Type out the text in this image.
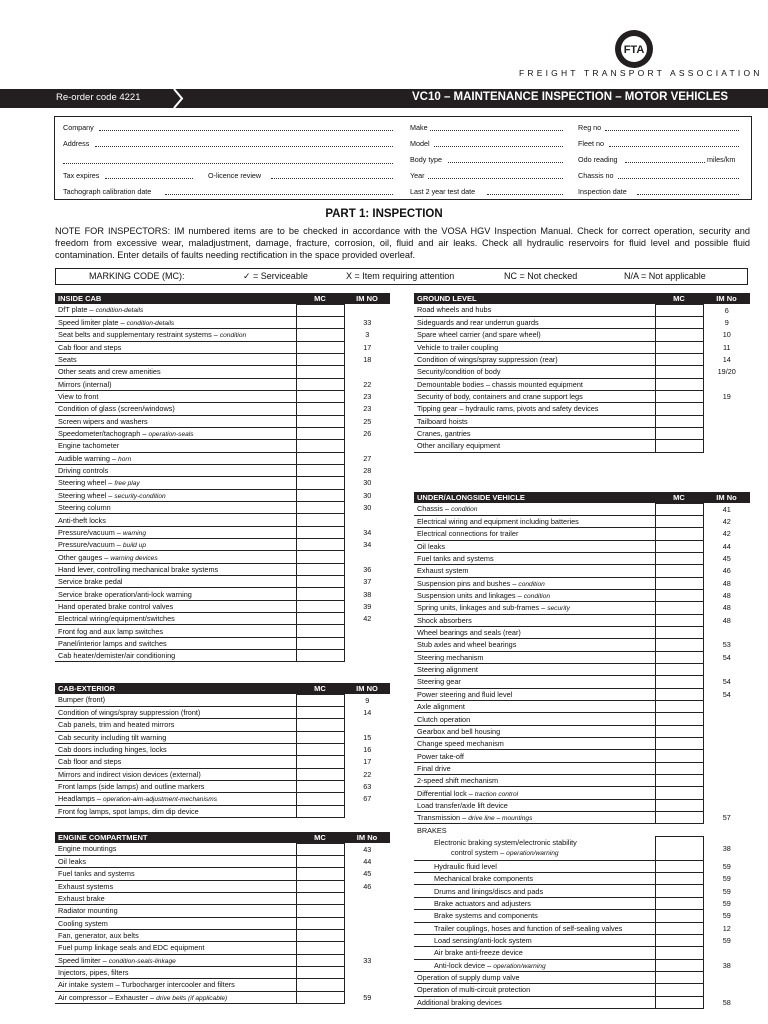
FTA
FREIGHT TRANSPORT ASSOCIATION
Re-order code 4221	VC10 – MAINTENANCE INSPECTION – MOTOR VEHICLES
Company
Address
Tax expires	O-licence review
Tachograph calibration date
Make
Model
Body type
Year
Last 2 year test date
Reg no
Fleet no
Odo reading	miles/km
Chassis no
Inspection date
PART 1: INSPECTION
NOTE FOR INSPECTORS: IM numbered items are to be checked in accordance with the VOSA HGV Inspection Manual. Check for correct operation, security and freedom from excessive wear, maladjustment, damage, fracture, corrosion, oil, fluid and air leaks. Check all hydraulic reservoirs for fluid level and possible fluid contamination. Enter details of faults needing rectification in the space provided overleaf.
MARKING CODE (MC):	✓ = Serviceable	X = Item requiring attention	NC = Not checked	N/A = Not applicable
INSIDE CAB	MC	IM NO
DfT plate – condition-details		
Speed limiter plate – condition-details		33
Seat belts and supplementary restraint systems – condition		3
Cab floor and steps		17
Seats		18
Other seats and crew amenities		
Mirrors (internal)		22
View to front		23
Condition of glass (screen/windows)		23
Screen wipers and washers		25
Speedometer/tachograph – operation-seals		26
Engine tachometer		
Audible warning – horn		27
Driving controls		28
Steering wheel – free play		30
Steering wheel – security-condition		30
Steering column		30
Anti-theft locks		
Pressure/vacuum – warning		34
Pressure/vacuum – build up		34
Other gauges – warning devices		
Hand lever, controlling mechanical brake systems		36
Service brake pedal		37
Service brake operation/anti-lock warning		38
Hand operated brake control valves		39
Electrical wiring/equipment/switches		42
Front fog and aux lamp switches		
Panel/interior lamps and switches		
Cab heater/demister/air conditioning		
CAB-EXTERIOR	MC	IM NO
Bumper (front)		9
Condition of wings/spray suppression (front)		14
Cab panels, trim and heated mirrors		
Cab security including tilt warning		15
Cab doors including hinges, locks		16
Cab floor and steps		17
Mirrors and indirect vision devices (external)		22
Front lamps (side lamps) and outline markers		63
Headlamps – operation-aim-adjustment-mechanisms		67
Front fog lamps, spot lamps, dim dip device		
ENGINE COMPARTMENT	MC	IM No
Engine mountings		43
Oil leaks		44
Fuel tanks and systems		45
Exhaust systems		46
Exhaust brake		
Radiator mounting		
Cooling system		
Fan, generator, aux belts		
Fuel pump linkage seals and EDC equipment		
Speed limiter – condition-seals-linkage		33
Injectors, pipes, filters		
Air intake system – Turbocharger intercooler and filters		
Air compressor – Exhauster – drive belts (if applicable)		59
GROUND LEVEL	MC	IM No
Road wheels and hubs		6
Sideguards and rear underrun guards		9
Spare wheel carrier (and spare wheel)		10
Vehicle to trailer coupling		11
Condition of wings/spray suppression (rear)		14
Security/condition of body		19/20
Demountable bodies – chassis mounted equipment		
Security of body, containers and crane support legs		19
Tipping gear – hydraulic rams, pivots and safety devices		
Tailboard hoists		
Cranes, gantries		
Other ancillary equipment		
UNDER/ALONGSIDE VEHICLE	MC	IM No
Chassis – condition		41
Electrical wiring and equipment including batteries		42
Electrical connections for trailer		42
Oil leaks		44
Fuel tanks and systems		45
Exhaust system		46
Suspension pins and bushes – condition		48
Suspension units and linkages – condition		48
Spring units, linkages and sub-frames – security		48
Shock absorbers		48
Wheel bearings and seals (rear)		
Stub axles and wheel bearings		53
Steering mechanism		54
Steering alignment		
Steering gear		54
Power steering and fluid level		54
Axle alignment		
Clutch operation		
Gearbox and bell housing		
Change speed mechanism		
Power take-off		
Final drive		
2-speed shift mechanism		
Differential lock – traction control		
Load transfer/axle lift device		
Transmission – drive line – mountings		57
BRAKES		
Electronic braking system/electronic stability
control system – operation/warning		38
Hydraulic fluid level		59
Mechanical brake components		59
Drums and linings/discs and pads		59
Brake actuators and adjusters		59
Brake systems and components		59
Trailer couplings, hoses and function of self-sealing valves		12
Load sensing/anti-lock system		59
Air brake anti-freeze device		
Anti-lock device – operation/warning		38
Operation of supply dump valve		
Operation of multi-circuit protection		
Additional braking devices		58
